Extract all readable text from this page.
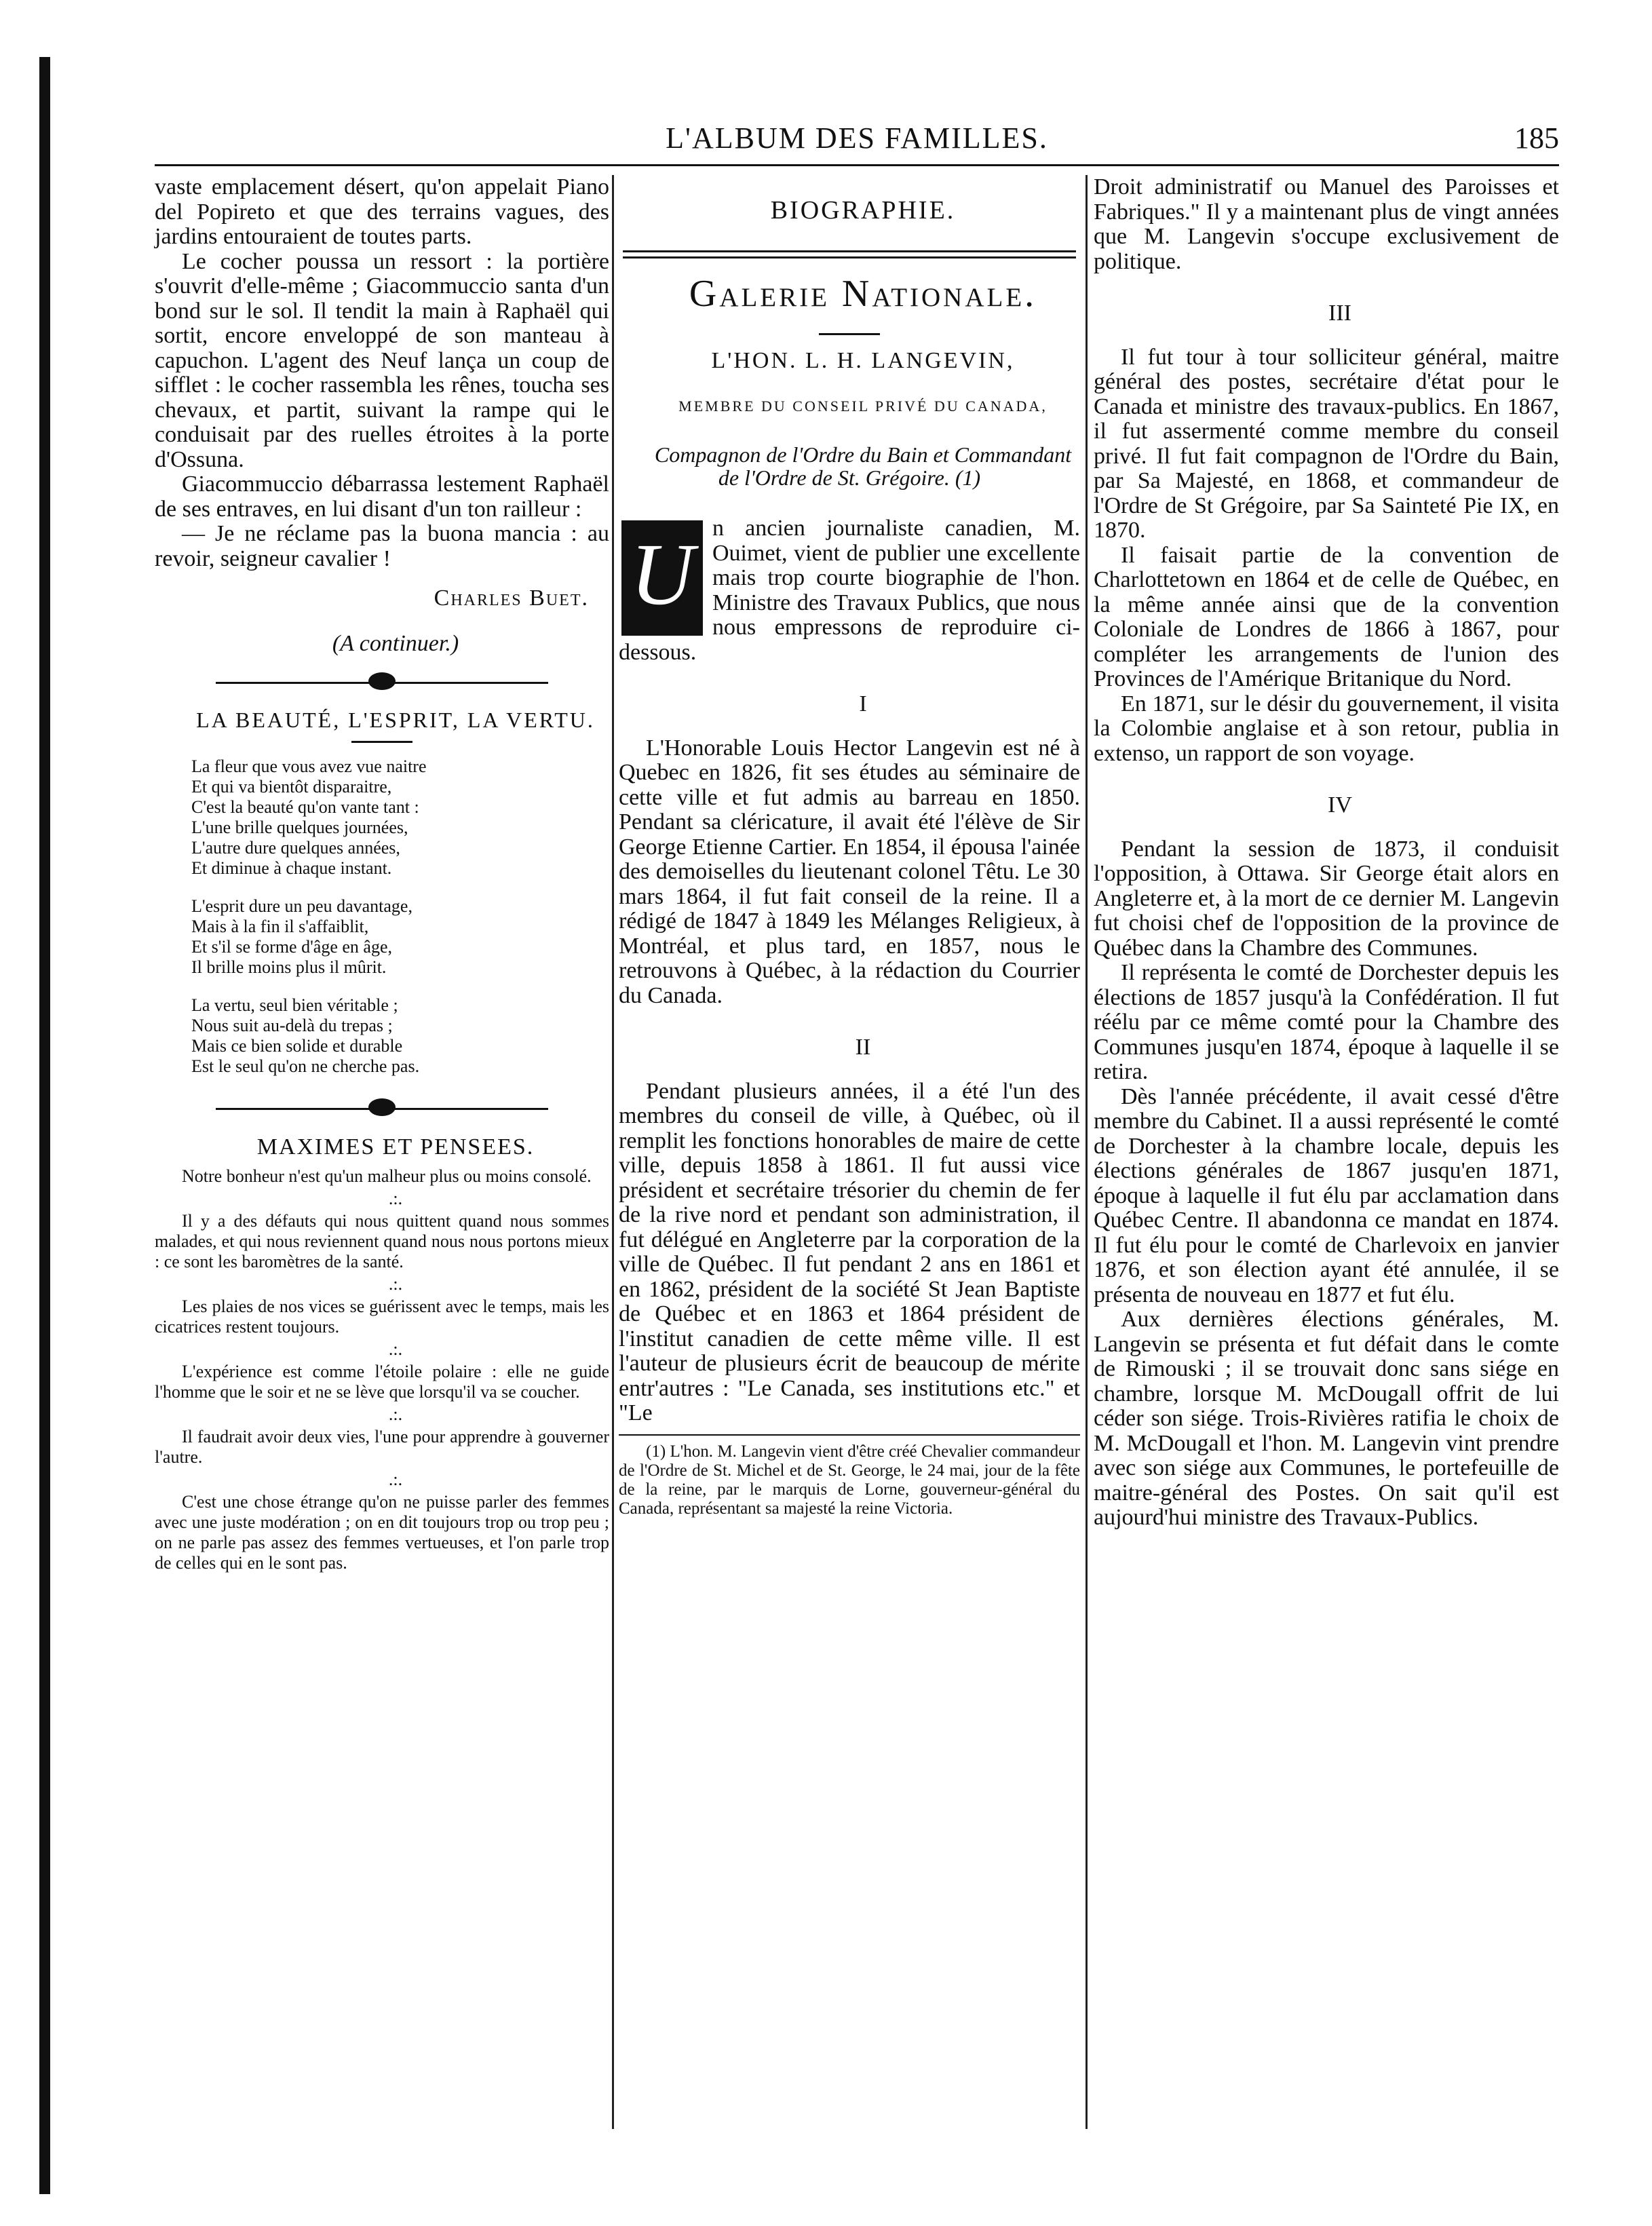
L'ALBUM DES FAMILLES.	185

vaste emplacement désert, qu'on appelait Piano del Popireto et que des terrains vagues, des jardins entouraient de toutes parts.

Le cocher poussa un ressort : la portière s'ouvrit d'elle-même ; Giacommuccio santa d'un bond sur le sol. Il tendit la main à Raphaël qui sortit, encore enveloppé de son manteau à capuchon. L'agent des Neuf lança un coup de sifflet : le cocher rassembla les rênes, toucha ses chevaux, et partit, suivant la rampe qui le conduisait par des ruelles étroites à la porte d'Ossuna.

Giacommuccio débarrassa lestement Raphaël de ses entraves, en lui disant d'un ton railleur :

— Je ne réclame pas la buona mancia : au revoir, seigneur cavalier !

Charles Buet.

(A continuer.)

LA BEAUTÉ, L'ESPRIT, LA VERTU.

La fleur que vous avez vue naitre
Et qui va bientôt disparaitre,
C'est la beauté qu'on vante tant :
L'une brille quelques journées,
L'autre dure quelques années,
Et diminue à chaque instant.
L'esprit dure un peu davantage,
Mais à la fin il s'affaiblit,
Et s'il se forme d'âge en âge,
Il brille moins plus il mûrit.
La vertu, seul bien véritable ;
Nous suit au-delà du trepas ;
Mais ce bien solide et durable
Est le seul qu'on ne cherche pas.

MAXIMES ET PENSEES.

Notre bonheur n'est qu'un malheur plus ou moins consolé.

.:.

Il y a des défauts qui nous quittent quand nous sommes malades, et qui nous reviennent quand nous nous portons mieux : ce sont les baromètres de la santé.

.:.

Les plaies de nos vices se guérissent avec le temps, mais les cicatrices restent toujours.

.:.

L'expérience est comme l'étoile polaire : elle ne guide l'homme que le soir et ne se lève que lorsqu'il va se coucher.

.:.

Il faudrait avoir deux vies, l'une pour apprendre à gouverner l'autre.

.:.

C'est une chose étrange qu'on ne puisse parler des femmes avec une juste modération ; on en dit toujours trop ou trop peu ; on ne parle pas assez des femmes vertueuses, et l'on parle trop de celles qui en le sont pas.

BIOGRAPHIE.

Galerie Nationale.

L'HON. L. H. LANGEVIN,

MEMBRE DU CONSEIL PRIVÉ DU CANADA,

Compagnon de l'Ordre du Bain et Commandant de l'Ordre de St. Grégoire. (1)

U n ancien journaliste canadien, M. Ouimet, vient de publier une excellente mais trop courte biographie de l'hon. Ministre des Travaux Publics, que nous nous empressons de reproduire ci-dessous.

I

L'Honorable Louis Hector Langevin est né à Quebec en 1826, fit ses études au séminaire de cette ville et fut admis au barreau en 1850. Pendant sa cléricature, il avait été l'élève de Sir George Etienne Cartier. En 1854, il épousa l'ainée des demoiselles du lieutenant colonel Têtu. Le 30 mars 1864, il fut fait conseil de la reine. Il a rédigé de 1847 à 1849 les Mélanges Religieux, à Montréal, et plus tard, en 1857, nous le retrouvons à Québec, à la rédaction du Courrier du Canada.

II

Pendant plusieurs années, il a été l'un des membres du conseil de ville, à Québec, où il remplit les fonctions honorables de maire de cette ville, depuis 1858 à 1861. Il fut aussi vice président et secrétaire trésorier du chemin de fer de la rive nord et pendant son administration, il fut délégué en Angleterre par la corporation de la ville de Québec. Il fut pendant 2 ans en 1861 et en 1862, président de la société St Jean Baptiste de Québec et en 1863 et 1864 président de l'institut canadien de cette même ville. Il est l'auteur de plusieurs écrit de beaucoup de mérite entr'autres : "Le Canada, ses institutions etc." et "Le

(1) L'hon. M. Langevin vient d'être créé Chevalier commandeur de l'Ordre de St. Michel et de St. George, le 24 mai, jour de la fête de la reine, par le marquis de Lorne, gouverneur-général du Canada, représentant sa majesté la reine Victoria.

Droit administratif ou Manuel des Paroisses et Fabriques." Il y a maintenant plus de vingt années que M. Langevin s'occupe exclusivement de politique.

III

Il fut tour à tour solliciteur général, maitre général des postes, secrétaire d'état pour le Canada et ministre des travaux-publics. En 1867, il fut assermenté comme membre du conseil privé. Il fut fait compagnon de l'Ordre du Bain, par Sa Majesté, en 1868, et commandeur de l'Ordre de St Grégoire, par Sa Sainteté Pie IX, en 1870.

Il faisait partie de la convention de Charlottetown en 1864 et de celle de Québec, en la même année ainsi que de la convention Coloniale de Londres de 1866 à 1867, pour compléter les arrangements de l'union des Provinces de l'Amérique Britanique du Nord.

En 1871, sur le désir du gouvernement, il visita la Colombie anglaise et à son retour, publia in extenso, un rapport de son voyage.

IV

Pendant la session de 1873, il conduisit l'opposition, à Ottawa. Sir George était alors en Angleterre et, à la mort de ce dernier M. Langevin fut choisi chef de l'opposition de la province de Québec dans la Chambre des Communes.

Il représenta le comté de Dorchester depuis les élections de 1857 jusqu'à la Confédération. Il fut réélu par ce même comté pour la Chambre des Communes jusqu'en 1874, époque à laquelle il se retira.

Dès l'année précédente, il avait cessé d'être membre du Cabinet. Il a aussi représenté le comté de Dorchester à la chambre locale, depuis les élections générales de 1867 jusqu'en 1871, époque à laquelle il fut élu par acclamation dans Québec Centre. Il abandonna ce mandat en 1874. Il fut élu pour le comté de Charlevoix en janvier 1876, et son élection ayant été annulée, il se présenta de nouveau en 1877 et fut élu.

Aux dernières élections générales, M. Langevin se présenta et fut défait dans le comte de Rimouski ; il se trouvait donc sans siége en chambre, lorsque M. McDougall offrit de lui céder son siége. Trois-Rivières ratifia le choix de M. McDougall et l'hon. M. Langevin vint prendre avec son siége aux Communes, le portefeuille de maitre-général des Postes. On sait qu'il est aujourd'hui ministre des Travaux-Publics.
